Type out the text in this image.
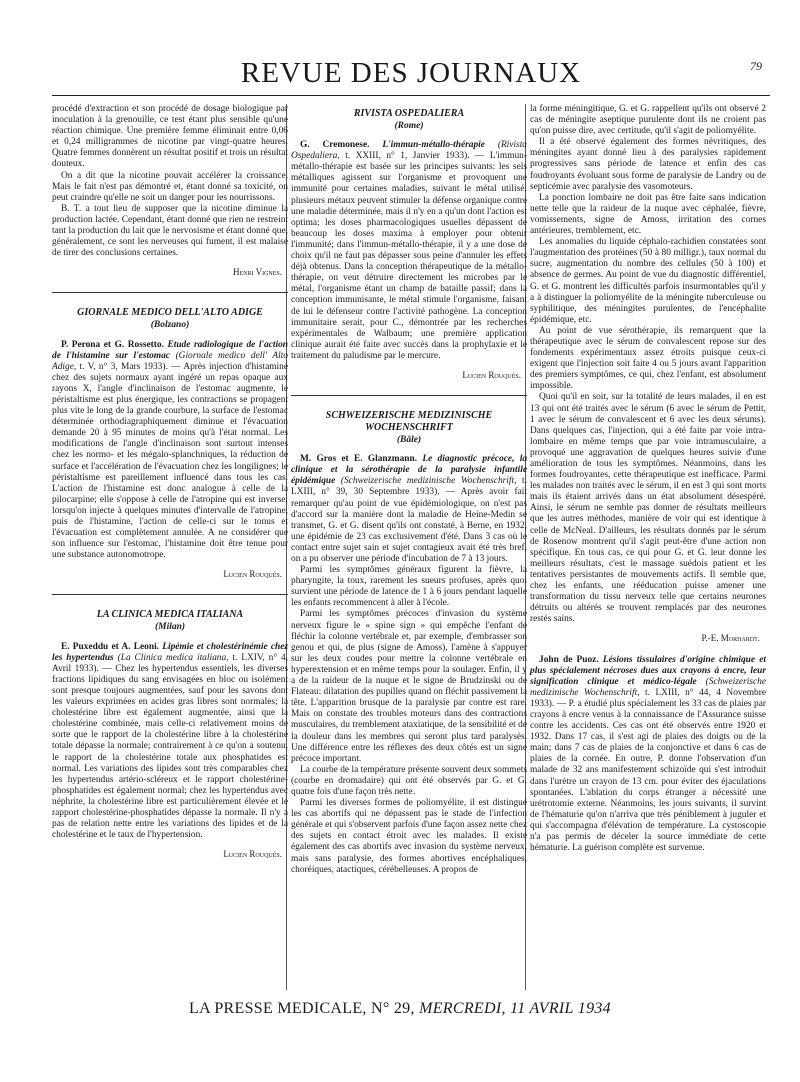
REVUE DES JOURNAUX	79

procédé d'extraction et son procédé de dosage biologique par inoculation à la grenouille, ce test étant plus sensible qu'une réaction chimique. Une première femme éliminait entre 0,06 et 0,24 milligrammes de nicotine par vingt-quatre heures. Quatre femmes donnèrent un résultat positif et trois un résultat douteux.

On a dit que la nicotine pouvait accélérer la croissance. Mais le fait n'est pas démontré et, étant donné sa toxicité, on peut craindre qu'elle ne soit un danger pour les nourrissons.

B. T. a tout lieu de supposer que la nicotine diminue la production lactée. Cependant, étant donné que rien ne restreint tant la production du lait que le nervosisme et étant donné que, généralement, ce sont les nerveuses qui fument, il est malaisé de tirer des conclusions certaines.

Henri Vignes.
GIORNALE MEDICO DELL'ALTO ADIGE
(Bolzano)

P. Perona et G. Rossetto. Etude radiologique de l'action de l'histamine sur l'estomac (Giornale medico dell' Alto Adige, t. V, n° 3, Mars 1933). — Après injection d'histamine chez des sujets normaux ayant ingéré un repas opaque aux rayons X, l'angle d'inclinaison de l'estomac augmente, le péristaltisme est plus énergique, les contractions se propagent plus vite le long de la grande courbure, la surface de l'estomac déterminée orthodiagraphiquement diminue et l'évacuation demande 20 à 95 minutes de moins qu'à l'état normal. Les modifications de l'angle d'inclinaison sont surtout intenses chez les normo- et les mégalo-splanchniques, la réduction de surface et l'accélération de l'évacuation chez les longilignes; le péristaltisme est pareillement influencé dans tous les cas. L'action de l'histamine est donc analogue à celle de la pilocarpine; elle s'oppose à celle de l'atropine qui est inverse; lorsqu'on injecte à quelques minutes d'intervalle de l'atropine, puis de l'histamine, l'action de celle-ci sur le tonus et l'évacuation est complètement annulée. A ne considérer que son influence sur l'estomac, l'histamine doit être tenue pour une substance autonomotrope.

Lucien Rouquès.
LA CLINICA MEDICA ITALIANA
(Milan)

E. Puxeddu et A. Leoni. Lipémie et cholestérinémie chez les hypertendus (La Clinica medica italiana, t. LXIV, n° 4, Avril 1933). — Chez les hypertendus essentiels, les diverses fractions lipidiques du sang envisagées en bloc ou isolément sont presque toujours augmentées, sauf pour les savons dont les valeurs exprimées en acides gras libres sont normales; la cholestérine libre est également augmentée, ainsi que la cholestérine combinée, mais celle-ci relativement moins de sorte que le rapport de la cholestérine libre à la cholestérine totale dépasse la normale; contrairement à ce qu'on a soutenu, le rapport de la cholestérine totale aux phosphatides est normal. Les variations des lipides sont très comparables chez les hypertendus artério-scléreux et le rapport cholestérine-phosphatides est également normal; chez les hypertendus avec néphrite, la cholestérine libre est particulièrement élevée et le rapport cholestérine-phosphatides dépasse la normale. Il n'y a pas de relation nette entre les variations des lipides et de la cholestérine et le taux de l'hypertension.

Lucien Rouquès.
RIVISTA OSPEDALIERA
(Rome)

G. Cremonese. L'immun-métallo-thérapie (Rivista Ospedaliera, t. XXIII, n° 1, Janvier 1933). — L'immun-métallo-thérapie est basée sur les principes suivants: les sels métalliques agissent sur l'organisme et provoquent une immunité pour certaines maladies, suivant le métal utilisé; plusieurs métaux peuvent stimuler la défense organique contre une maladie déterminée, mais il n'y en a qu'un dont l'action est optima; les doses pharmacologiques usuelles dépassent de beaucoup les doses maxima à employer pour obtenir l'immunité; dans l'immun-métallo-thérapie, il y a une dose de choix qu'il ne faut pas dépasser sous peine d'annuler les effets déjà obtenus. Dans la conception thérapeutique de la métallo-thérapie, on veut détruire directement les microbes par le métal, l'organisme étant un champ de bataille passif; dans la conception immunisante, le métal stimule l'organisme, faisant de lui le défenseur contre l'activité pathogène. La conception immunitaire serait, pour C., démontrée par les recherches expérimentales de Walbaum; une première application clinique aurait été faite avec succès dans la prophylaxie et le traitement du paludisme par le mercure.

Lucien Rouquès.
SCHWEIZERISCHE MEDIZINISCHE WOCHENSCHRIFT
(Bâle)

M. Gros et E. Glanzmann. Le diagnostic précoce, la clinique et la sérothérapie de la paralysie infantile épidémique (Schweizerische medizinische Wochenschrift, t. LXIII, n° 39, 30 Septembre 1933). — Après avoir fait remarquer qu'au point de vue épidémiologique, on n'est pas d'accord sur la manière dont la maladie de Heine-Medin se transmet, G. et G. disent qu'ils ont constaté, à Berne, en 1932, une épidémie de 23 cas exclusivement d'été. Dans 3 cas où le contact entre sujet sain et sujet contagieux avait été très bref, on a pu observer une période d'incubation de 7 à 13 jours.

Parmi les symptômes généraux figurent la fièvre, la pharyngite, la toux, rarement les sueurs profuses, après quoi survient une période de latence de 1 à 6 jours pendant laquelle les enfants recommencent à aller à l'école.

Parmi les symptômes précoces d'invasion du système nerveux figure le « spine sign » qui empêche l'enfant de fléchir la colonne vertébrale et, par exemple, d'embrasser son genou et qui, de plus (signe de Amoss), l'amène à s'appuyer sur les deux coudes pour mettre la colonne vertébrale en hyperextension et en même temps pour la soulager. Enfin, il y a de la raideur de la nuque et le signe de Brudzinski ou de Flateau: dilatation des pupilles quand on fléchit passivement la tête. L'apparition brusque de la paralysie par contre est rare. Mais on constate des troubles moteurs dans des contractions musculaires, du tremblement ataxiatique, de la sensibilité et de la douleur dans les membres qui seront plus tard paralysés. Une différence entre les réflexes des deux côtés est un signe précoce important.

La courbe de la température présente souvent deux sommets (courbe en dromadaire) qui ont été observés par G. et G. quatre fois d'une façon très nette.

Parmi les diverses formes de poliomyélite, il est distingué les cas abortifs qui ne dépassent pas le stade de l'infection générale et qui s'observent parfois d'une façon assez nette chez des sujets en contact étroit avec les malades. Il existe également des cas abortifs avec invasion du système nerveux, mais sans paralysie, des formes abortives encéphaliques, choréiques, atactiques, cérébelleuses. A propos de

la forme méningitique, G. et G. rappellent qu'ils ont observé 2 cas de méningite aseptique purulente dont ils ne croient pas qu'on puisse dire, avec certitude, qu'il s'agit de poliomyélite.

Il a été observé également des formes névritiques, des méningites ayant donné lieu à des paralysies rapidement progressives sans période de latence et enfin des cas foudroyants évoluant sous forme de paralysie de Landry ou de septicémie avec paralysie des vasomoteurs.

La ponction lombaire ne doit pas être faite sans indication nette telle que la raideur de la nuque avec céphalée, fièvre, vomissements, signe de Amoss, irritation des cornes antérieures, tremblement, etc.

Les anomalies du liquide céphalo-rachidien constatées sont l'augmentation des protéines (50 à 80 milligr.), taux normal du sucre, augmentation du nombre des cellules (50 à 100) et absence de germes. Au point de vue du diagnostic différentiel, G. et G. montrent les difficultés parfois insurmontables qu'il y a à distinguer la poliomyélite de la méningite tuberculeuse ou syphilitique, des méningites purulentes, de l'encéphalite épidémique, etc.

Au point de vue sérothérapie, ils remarquent que la thérapeutique avec le sérum de convalescent repose sur des fondements expérimentaux assez étroits puisque ceux-ci exigent que l'injection soit faite 4 ou 5 jours avant l'apparition des premiers symptômes, ce qui, chez l'enfant, est absolument impossible.

Quoi qu'il en soit, sur la totalité de leurs malades, il en est 13 qui ont été traités avec le sérum (6 avec le sérum de Pettit, 1 avec le sérum de convalescent et 6 avec les deux sérums). Dans quelques cas, l'injection, qui a été faite par voie intra-lombaire en même temps que par voie intramusculaire, a provoqué une aggravation de quelques heures suivie d'une amélioration de tous les symptômes. Néanmoins, dans les formes foudroyantes, cette thérapeutique est inefficace. Parmi les malades non traités avec le sérum, il en est 3 qui sont morts mais ils étaient arrivés dans un état absolument désespéré. Ainsi, le sérum ne semble pas donner de résultats meilleurs que les autres méthodes, manière de voir qui est identique à celle de McNeal. D'ailleurs, les résultats donnés par le sérum de Rosenow montrent qu'il s'agit peut-être d'une action non spécifique. En tous cas, ce qui pour G. et G. leur donne les meilleurs résultats, c'est le massage suédois patient et les tentatives persistantes de mouvements actifs. Il semble que, chez les enfants, une rééducation puisse amener une transformation du tissu nerveux telle que certains neurones détruits ou altérés se trouvent remplacés par des neurones restés sains.

P.-E. Morhardt.

John de Puoz. Lésions tissulaires d'origine chimique et plus spécialement nécroses dues aux crayons à encre, leur signification clinique et médico-légale (Schweizerische medizinische Wochenschrift, t. LXIII, n° 44, 4 Novembre 1933). — P. a étudié plus spécialement les 33 cas de plaies par crayons à encre venus à la connaissance de l'Assurance suisse contre les accidents. Ces cas ont été observés entre 1920 et 1932. Dans 17 cas, il s'est agi de plaies des doigts ou de la main; dans 7 cas de plaies de la conjonctive et dans 6 cas de plaies de la cornée. En outre, P. donne l'observation d'un malade de 32 ans manifestement schizoïde qui s'est introduit dans l'urètre un crayon de 13 cm. pour éviter des éjaculations spontanées. L'ablation du corps étranger a nécessité une urétrotomie externe. Néanmoins, les jours suivants, il survint de l'hématurie qu'on n'arriva que très péniblement à juguler et qui s'accompagna d'élévation de température. La cystoscopie n'a pas permis de déceler la source immédiate de cette hématurie. La guérison complète est survenue.

LA PRESSE MEDICALE, N° 29, MERCREDI, 11 AVRIL 1934
